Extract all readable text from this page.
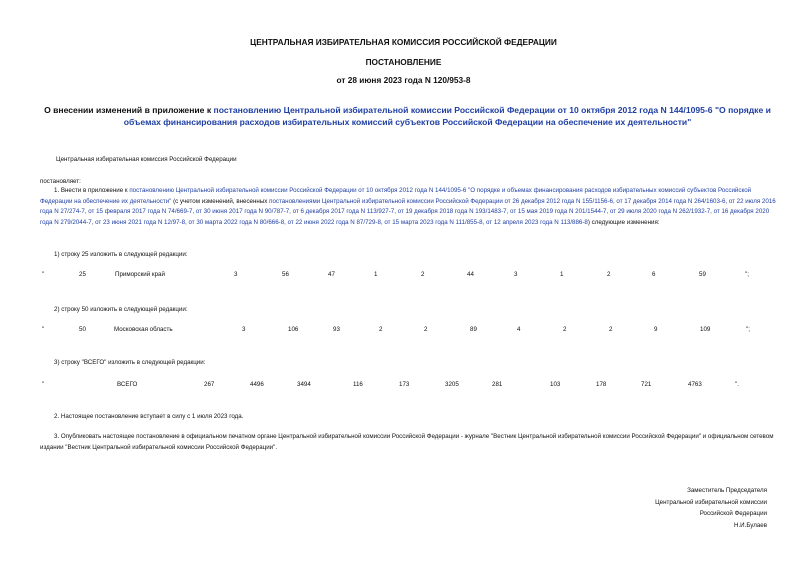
ЦЕНТРАЛЬНАЯ ИЗБИРАТЕЛЬНАЯ КОМИССИЯ РОССИЙСКОЙ ФЕДЕРАЦИИ
ПОСТАНОВЛЕНИЕ
от 28 июня 2023 года N 120/953-8
О внесении изменений в приложение к постановлению Центральной избирательной комиссии Российской Федерации от 10 октября 2012 года N 144/1095-6 "О порядке и объемах финансирования расходов избирательных комиссий субъектов Российской Федерации на обеспечение их деятельности"
Центральная избирательная комиссия Российской Федерации
постановляет:
1. Внести в приложение к постановлению Центральной избирательной комиссии Российской Федерации от 10 октября 2012 года N 144/1095-6 "О порядке и объемах финансирования расходов избирательных комиссий субъектов Российской Федерации на обеспечение их деятельности" (с учетом изменений, внесенных постановлениями Центральной избирательной комиссии Российской Федерации от 26 декабря 2012 года N 155/1156-6, от 17 декабря 2014 года N 264/1603-6, от 22 июля 2016 года N 27/274-7, от 15 февраля 2017 года N 74/669-7, от 30 июня 2017 года N 90/787-7, от 6 декабря 2017 года N 113/927-7, от 19 декабря 2018 года N 193/1483-7, от 15 мая 2019 года N 201/1544-7, от 29 июля 2020 года N 262/1932-7, от 16 декабря 2020 года N 279/2044-7, от 23 июня 2021 года N 12/97-8, от 30 марта 2022 года N 80/666-8, от 22 июня 2022 года N 87/729-8, от 15 марта 2023 года N 111/855-8, от 12 апреля 2023 года N 113/886-8) следующие изменения:
1) строку 25 изложить в следующей редакции:
"	25	Приморский край	3	56	47	1	2	44	3	1	2	6	59	";
2) строку 50 изложить в следующей редакции:
"	50	Московская область	3	106	93	2	2	89	4	2	2	9	109	";
3) строку "ВСЕГО" изложить в следующей редакции:
"	ВСЕГО	267	4496	3494	116	173	3205	281	103	178	721	4763	".
2. Настоящее постановление вступает в силу с 1 июля 2023 года.
3. Опубликовать настоящее постановление в официальном печатном органе Центральной избирательной комиссии Российской Федерации - журнале "Вестник Центральной избирательной комиссии Российской Федерации" и официальном сетевом издании "Вестник Центральной избирательной комиссии Российской Федерации".
Заместитель Председателя
Центральной избирательной комиссии
Российской Федерации
Н.И.Булаев
